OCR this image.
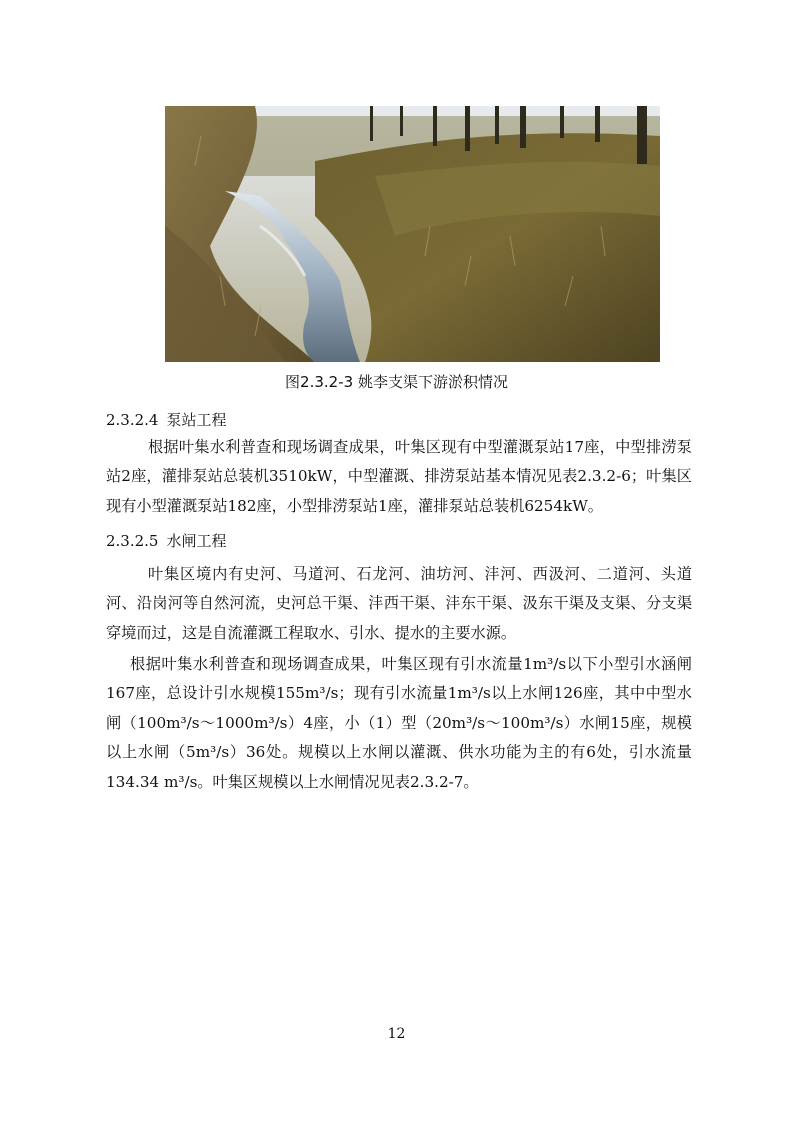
图2.3.2-3 姚李支渠下游淤积情况
2.3.2.4 泵站工程

根据叶集水利普查和现场调查成果，叶集区现有中型灌溉泵站17座，中型排涝泵站2座，灌排泵站总装机3510kW，中型灌溉、排涝泵站基本情况见表2.3.2-6；叶集区现有小型灌溉泵站182座，小型排涝泵站1座，灌排泵站总装机6254kW。

2.3.2.5 水闸工程

叶集区境内有史河、马道河、石龙河、油坊河、沣河、西汲河、二道河、头道河、沿岗河等自然河流，史河总干渠、沣西干渠、沣东干渠、汲东干渠及支渠、分支渠穿境而过，这是自流灌溉工程取水、引水、提水的主要水源。

根据叶集水利普查和现场调查成果，叶集区现有引水流量1m³/s以下小型引水涵闸167座，总设计引水规模155m³/s；现有引水流量1m³/s以上水闸126座，其中中型水闸（100m³/s～1000m³/s）4座，小（1）型（20m³/s～100m³/s）水闸15座，规模以上水闸（5m³/s）36处。规模以上水闸以灌溉、供水功能为主的有6处，引水流量134.34 m³/s。叶集区规模以上水闸情况见表2.3.2-7。

12
